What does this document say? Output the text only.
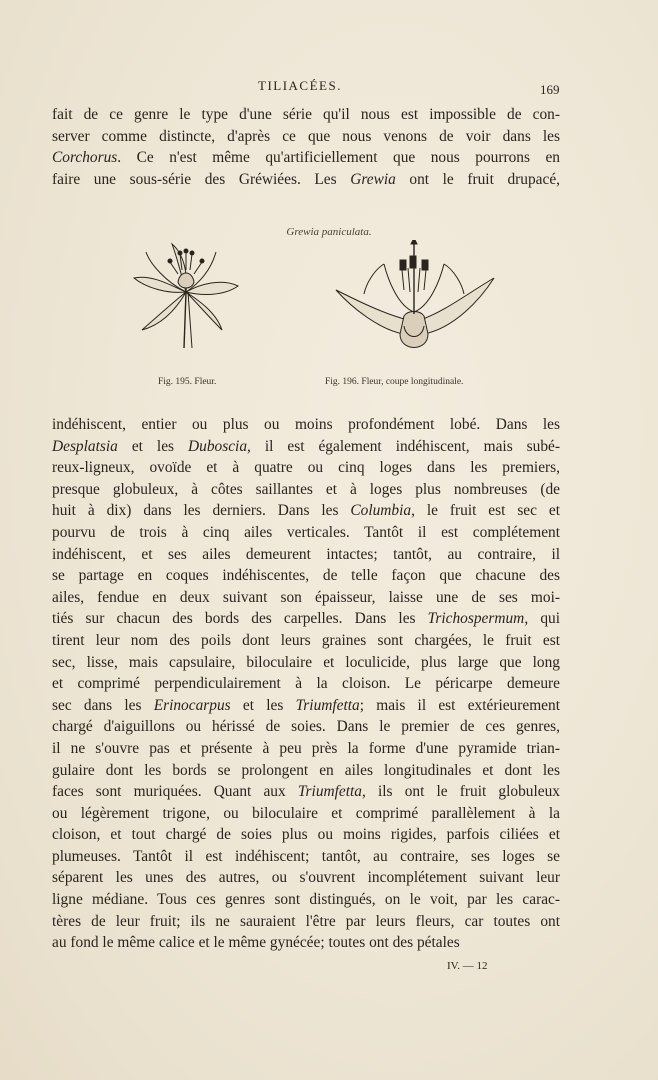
TILIACÉES.	169
fait de ce genre le type d'une série qu'il nous est impossible de con-
server comme distincte, d'après ce que nous venons de voir dans les
Corchorus. Ce n'est même qu'artificiellement que nous pourrons en
faire une sous-série des Gréwiées. Les Grewia ont le fruit drupacé,
Grewia paniculata.
Fig. 195. Fleur.	Fig. 196. Fleur, coupe longitudinale.
indéhiscent, entier ou plus ou moins profondément lobé. Dans les
Desplatsia et les Duboscia, il est également indéhiscent, mais subé-
reux-ligneux, ovoïde et à quatre ou cinq loges dans les premiers,
presque globuleux, à côtes saillantes et à loges plus nombreuses (de
huit à dix) dans les derniers. Dans les Columbia, le fruit est sec et
pourvu de trois à cinq ailes verticales. Tantôt il est complétement
indéhiscent, et ses ailes demeurent intactes; tantôt, au contraire, il
se partage en coques indéhiscentes, de telle façon que chacune des
ailes, fendue en deux suivant son épaisseur, laisse une de ses moi-
tiés sur chacun des bords des carpelles. Dans les Trichospermum, qui
tirent leur nom des poils dont leurs graines sont chargées, le fruit est
sec, lisse, mais capsulaire, biloculaire et loculicide, plus large que long
et comprimé perpendiculairement à la cloison. Le péricarpe demeure
sec dans les Erinocarpus et les Triumfetta; mais il est extérieurement
chargé d'aiguillons ou hérissé de soies. Dans le premier de ces genres,
il ne s'ouvre pas et présente à peu près la forme d'une pyramide trian-
gulaire dont les bords se prolongent en ailes longitudinales et dont les
faces sont muriquées. Quant aux Triumfetta, ils ont le fruit globuleux
ou légèrement trigone, ou biloculaire et comprimé parallèlement à la
cloison, et tout chargé de soies plus ou moins rigides, parfois ciliées et
plumeuses. Tantôt il est indéhiscent; tantôt, au contraire, ses loges se
séparent les unes des autres, ou s'ouvrent incomplétement suivant leur
ligne médiane. Tous ces genres sont distingués, on le voit, par les carac-
tères de leur fruit; ils ne sauraient l'être par leurs fleurs, car toutes ont
au fond le même calice et le même gynécée; toutes ont des pétales
IV. — 12
